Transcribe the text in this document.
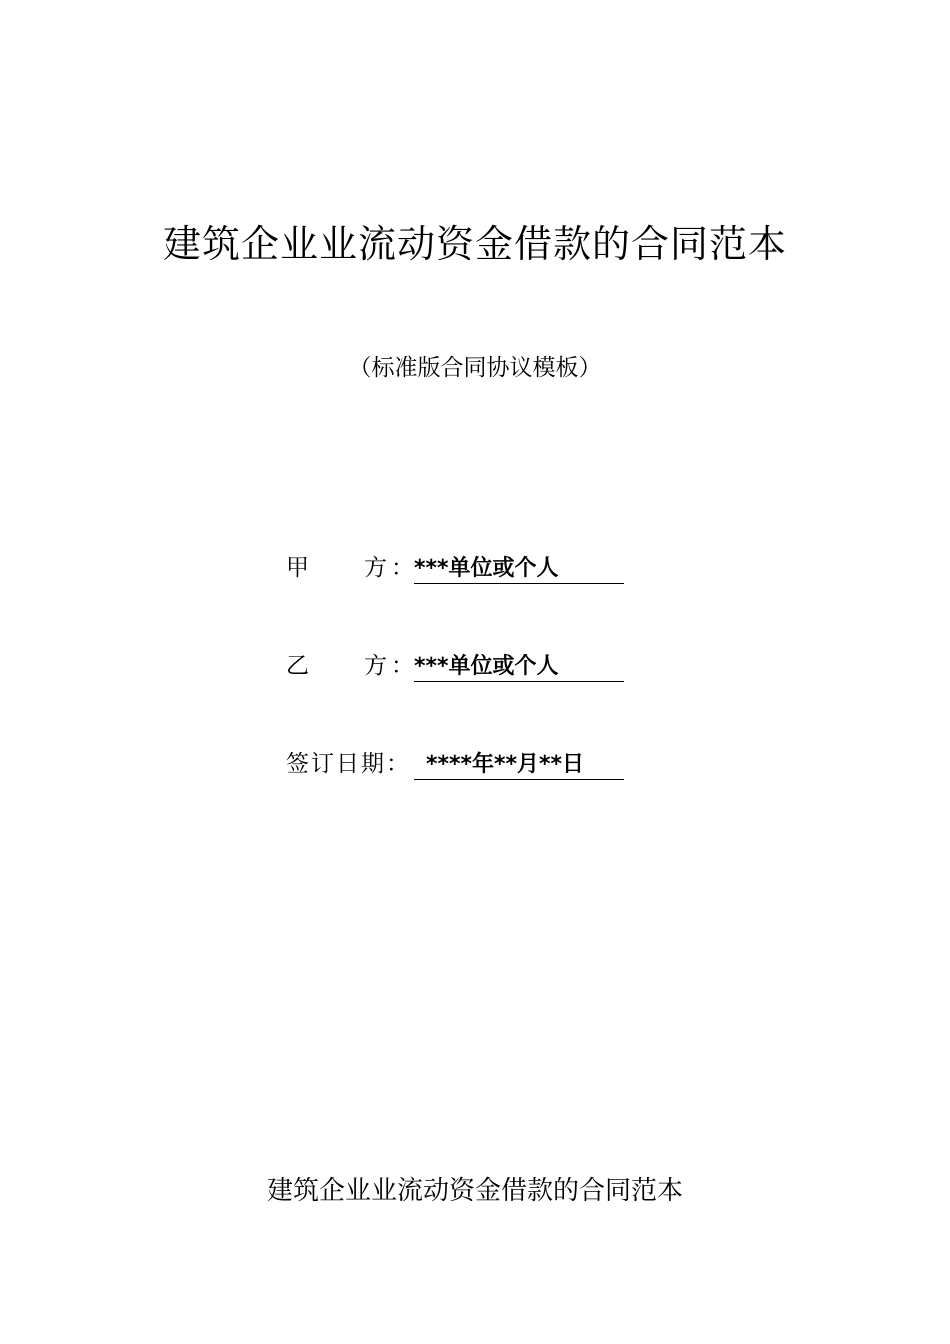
建筑企业业流动资金借款的合同范本
（标准版合同协议模板）
甲 方 ： ***单位或个人
乙 方 ： ***单位或个人
签订日期： ****年**月**日
建筑企业业流动资金借款的合同范本
